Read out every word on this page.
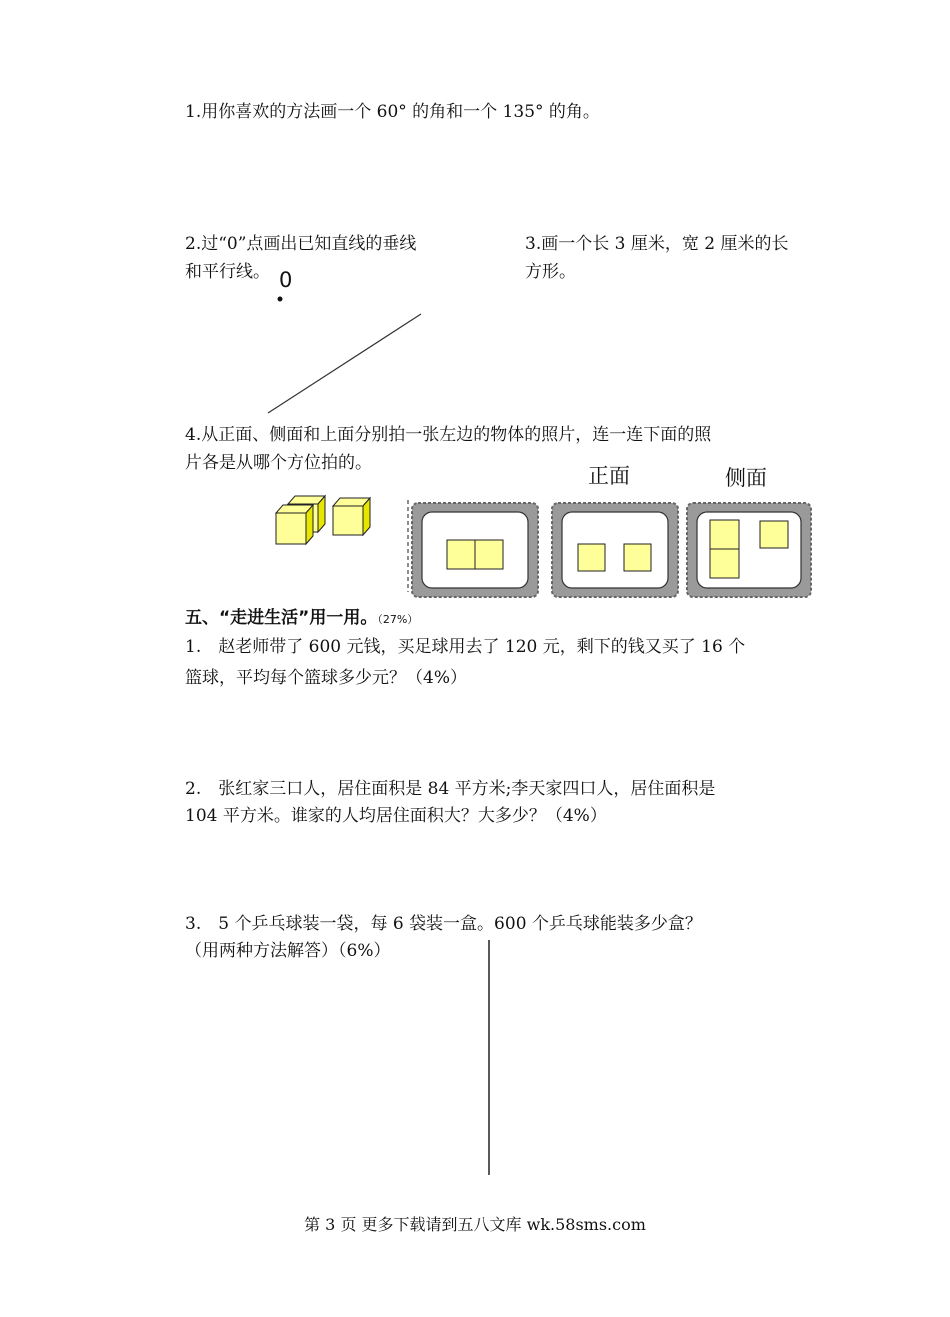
1.用你喜欢的方法画一个 60° 的角和一个 135° 的角。
2.过“0”点画出已知直线的垂线
和平行线。 0
3.画一个长 3 厘米，宽 2 厘米的长
方形。
4.从正面、侧面和上面分别拍一张左边的物体的照片，连一连下面的照
片各是从哪个方位拍的。
正面	侧面
五、“走进生活”用一用。（27%）
1.　赵老师带了 600 元钱，买足球用去了 120 元，剩下的钱又买了 16 个
篮球，平均每个篮球多少元？（4%）
2.　张红家三口人，居住面积是 84 平方米;李天家四口人，居住面积是
104 平方米。谁家的人均居住面积大？大多少？（4%）
3.　5 个乒乓球装一袋，每 6 袋装一盒。600 个乒乓球能装多少盒？
（用两种方法解答）（6%）
第 3 页 更多下载请到五八文库 wk.58sms.com
